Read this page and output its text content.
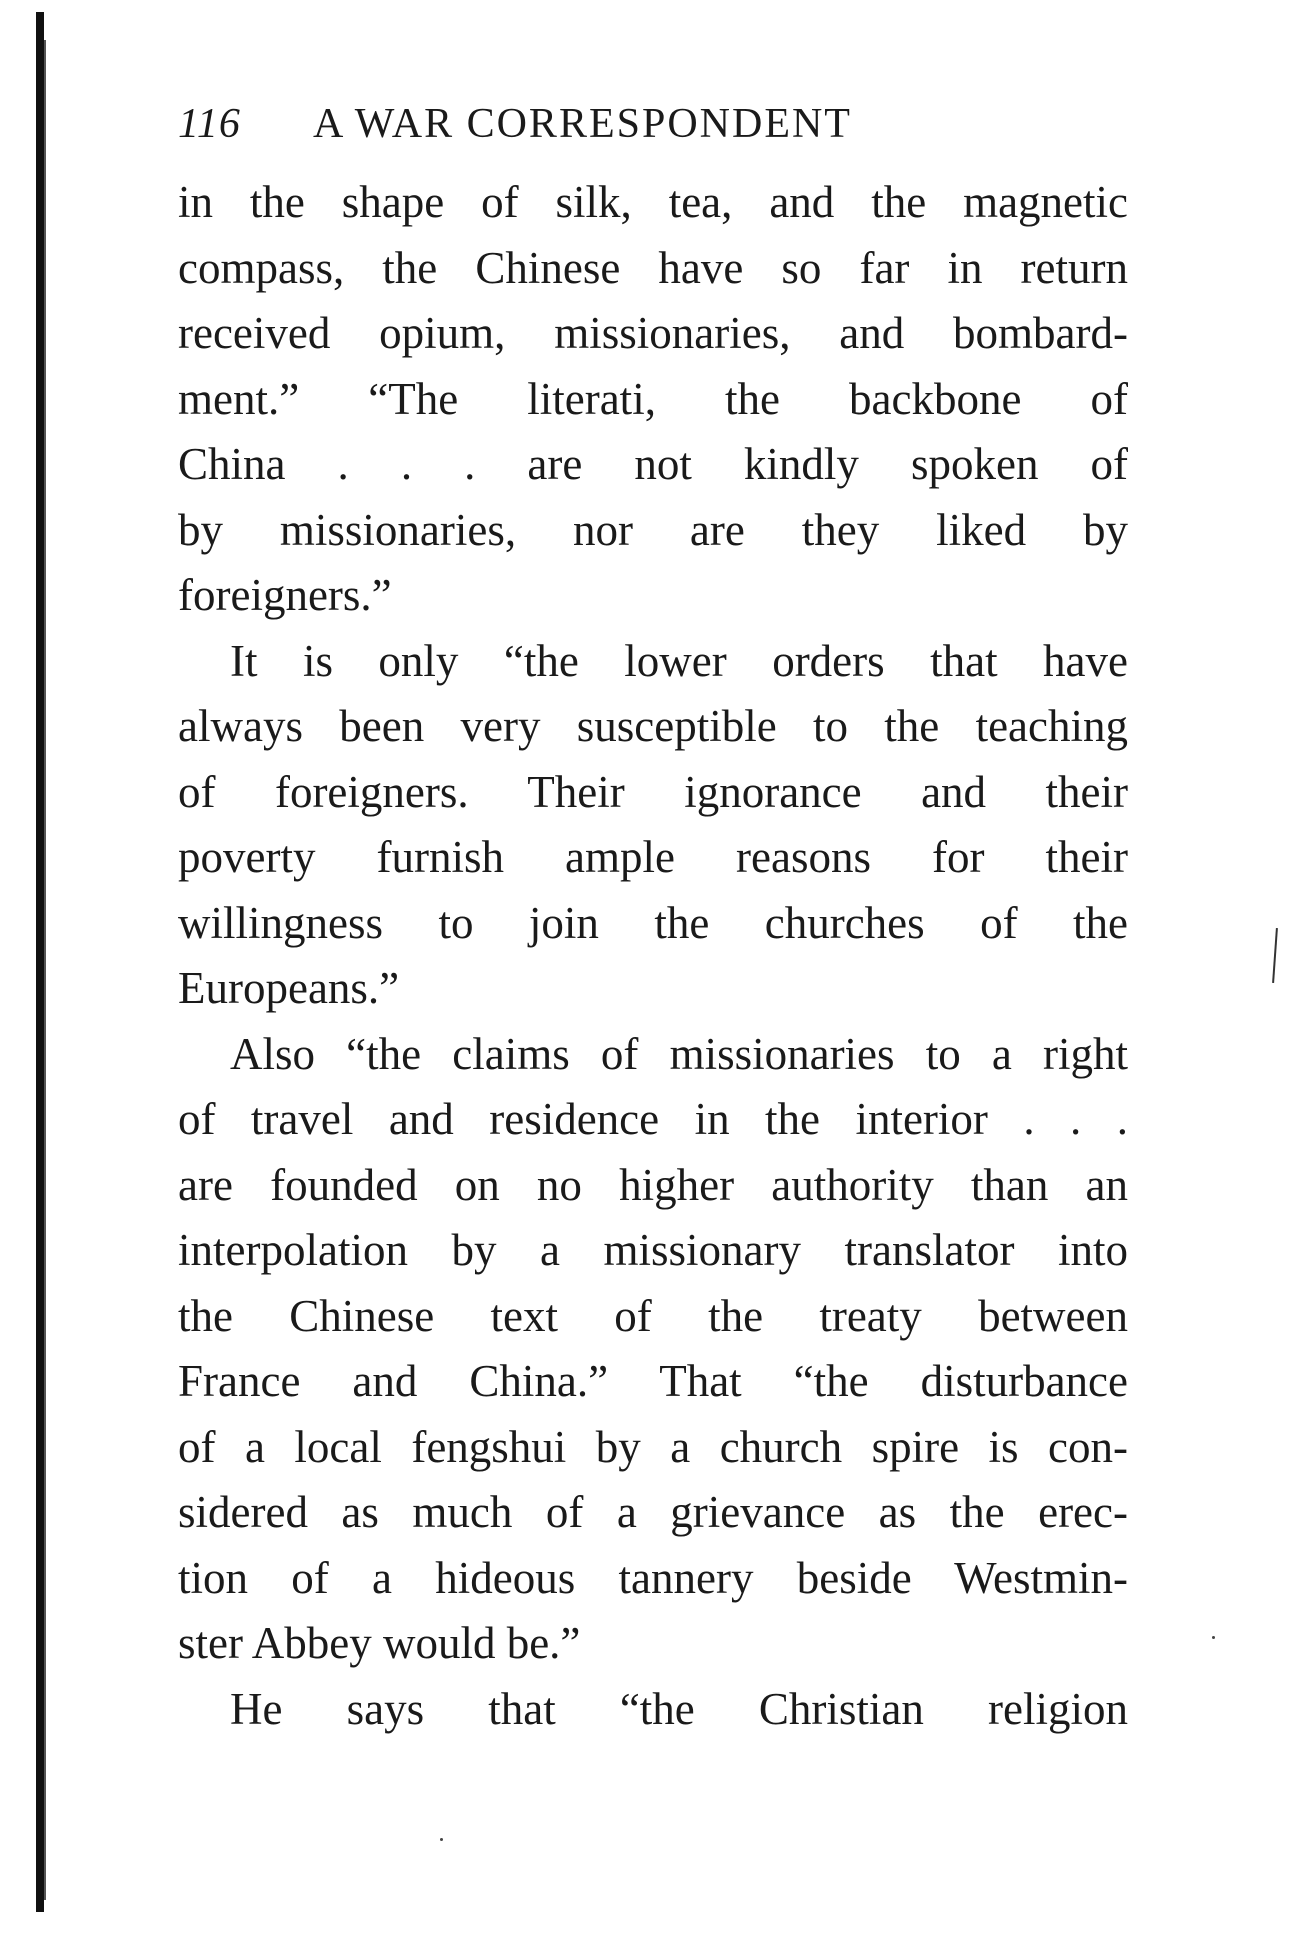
116	A WAR CORRESPONDENT
in the shape of silk, tea, and the magnetic
compass, the Chinese have so far in return
received opium, missionaries, and bombard-
ment.” “The literati, the backbone of
China . . . are not kindly spoken of
by missionaries, nor are they liked by
foreigners.”
It is only “the lower orders that have
always been very susceptible to the teaching
of foreigners. Their ignorance and their
poverty furnish ample reasons for their
willingness to join the churches of the
Europeans.”
Also “the claims of missionaries to a right
of travel and residence in the interior . . .
are founded on no higher authority than an
interpolation by a missionary translator into
the Chinese text of the treaty between
France and China.” That “the disturbance
of a local fengshui by a church spire is con-
sidered as much of a grievance as the erec-
tion of a hideous tannery beside Westmin-
ster Abbey would be.”
He says that “the Christian religion
